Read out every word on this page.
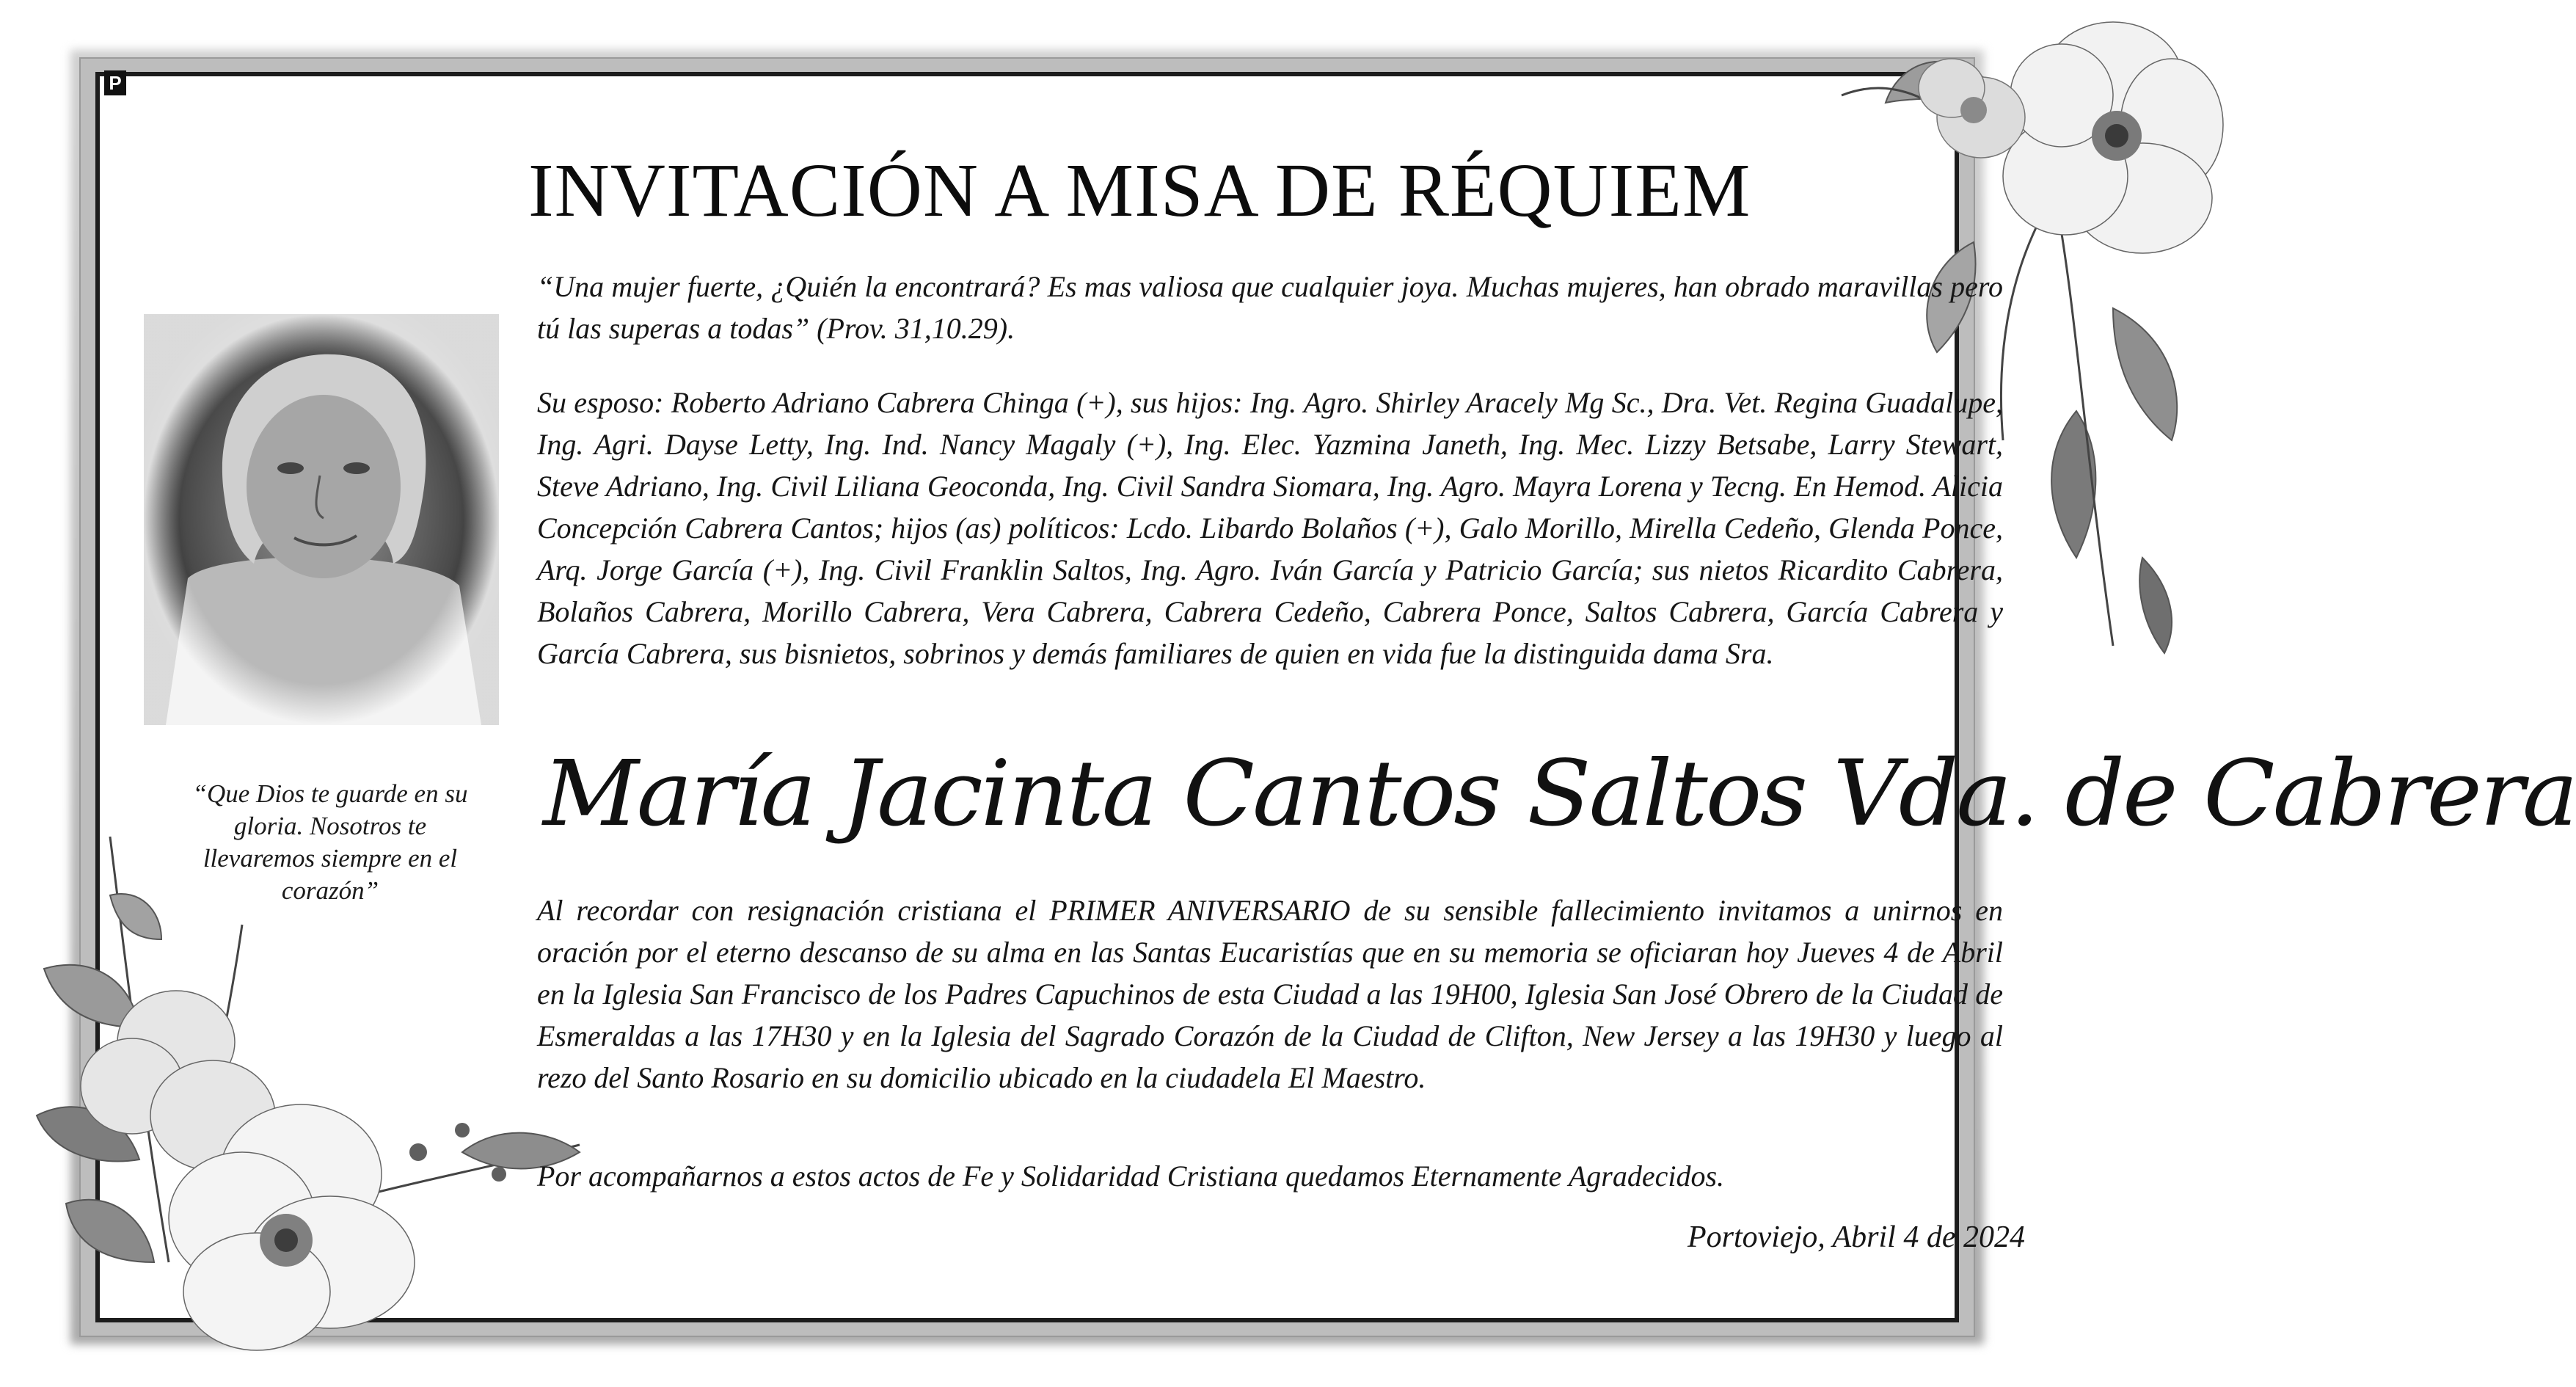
P
“Que Dios te guarde en su gloria. Nosotros te llevaremos siempre en el corazón”
INVITACIÓN A MISA DE RÉQUIEM
“Una mujer fuerte, ¿Quién la encontrará? Es mas valiosa que cualquier joya. Muchas mujeres, han obrado maravillas pero tú las superas a todas” (Prov. 31,10.29).
Su esposo: Roberto Adriano Cabrera Chinga (+), sus hijos: Ing. Agro. Shirley Aracely Mg Sc., Dra. Vet. Regina Guadalupe, Ing. Agri. Dayse Letty, Ing. Ind. Nancy Magaly (+), Ing. Elec. Yazmina Janeth, Ing. Mec. Lizzy Betsabe, Larry Stewart, Steve Adriano, Ing. Civil Liliana Geoconda, Ing. Civil Sandra Siomara, Ing. Agro. Mayra Lorena y Tecng. En Hemod. Alicia Concepción Cabrera Cantos; hijos (as) políticos: Lcdo. Libardo Bolaños (+), Galo Morillo, Mirella Cedeño, Glenda Ponce, Arq. Jorge García (+), Ing. Civil Franklin Saltos, Ing. Agro. Iván García y Patricio García; sus nietos Ricardito Cabrera, Bolaños Cabrera, Morillo Cabrera, Vera Cabrera, Cabrera Cedeño, Cabrera Ponce, Saltos Cabrera, García Cabrera y García Cabrera, sus bisnietos, sobrinos y demás familiares de quien en vida fue la distinguida dama Sra.
María Jacinta Cantos Saltos Vda. de Cabrera
Al recordar con resignación cristiana el PRIMER ANIVERSARIO de su sensible fallecimiento invitamos a unirnos en oración por el eterno descanso de su alma en las Santas Eucaristías que en su memoria se oficiaran hoy Jueves 4 de Abril en la Iglesia San Francisco de los Padres Capuchinos de esta Ciudad a las 19H00, Iglesia San José Obrero de la Ciudad de Esmeraldas a las 17H30 y en la Iglesia del Sagrado Corazón de la Ciudad de Clifton, New Jersey a las 19H30 y luego al rezo del Santo Rosario en su domicilio ubicado en la ciudadela El Maestro.
Por acompañarnos a estos actos de Fe y Solidaridad Cristiana quedamos Eternamente Agradecidos.
Portoviejo, Abril 4 de 2024
